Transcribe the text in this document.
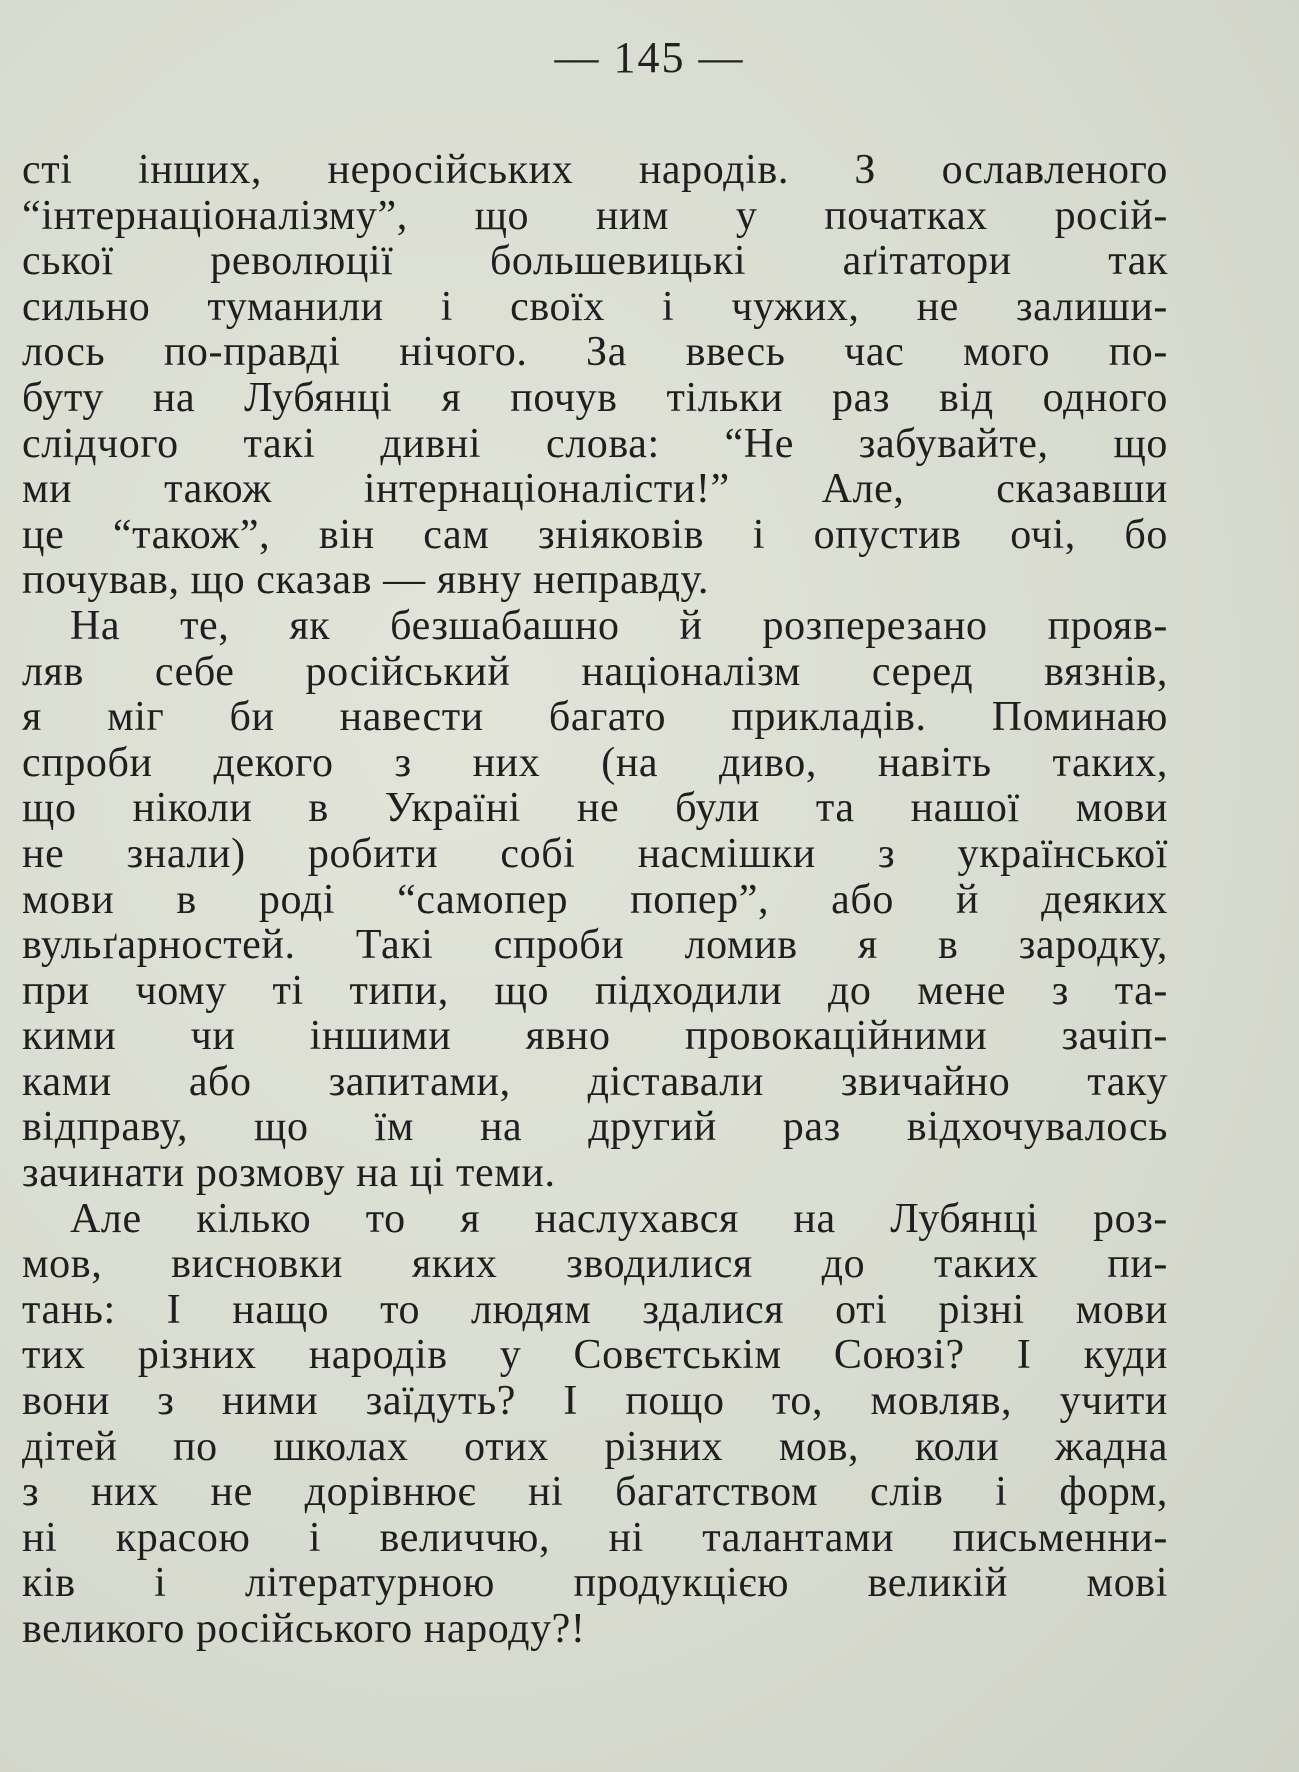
— 145 —
сті інших, неросійських народів. З ославленого
“інтернаціоналізму”, що ним у початках росій-
ської революції большевицькі аґітатори так
сильно туманили і своїх і чужих, не залиши-
лось по-правді нічого. За ввесь час мого по-
буту на Лубянці я почув тільки раз від одного
слідчого такі дивні слова: “Не забувайте, що
ми також інтернаціоналісти!” Але, сказавши
це “також”, він сам зніяковів і опустив очі, бо
почував, що сказав — явну неправду.
На те, як безшабашно й розперезано прояв-
ляв себе російський націоналізм серед вязнів,
я міг би навести багато прикладів. Поминаю
спроби декого з них (на диво, навіть таких,
що ніколи в Україні не були та нашої мови
не знали) робити собі насмішки з української
мови в роді “самопер попер”, або й деяких
вульґарностей. Такі спроби ломив я в зародку,
при чому ті типи, що підходили до мене з та-
кими чи іншими явно провокаційними зачіп-
ками або запитами, діставали звичайно таку
відправу, що їм на другий раз відхочувалось
зачинати розмову на ці теми.
Але кілько то я наслухався на Лубянці роз-
мов, висновки яких зводилися до таких пи-
тань: І нащо то людям здалися оті різні мови
тих різних народів у Совєтськім Союзі? І куди
вони з ними заїдуть? І пощо то, мовляв, учити
дітей по школах отих різних мов, коли жадна
з них не дорівнює ні багатством слів і форм,
ні красою і величчю, ні талантами письменни-
ків і літературною продукцією великій мові
великого російського народу?!
